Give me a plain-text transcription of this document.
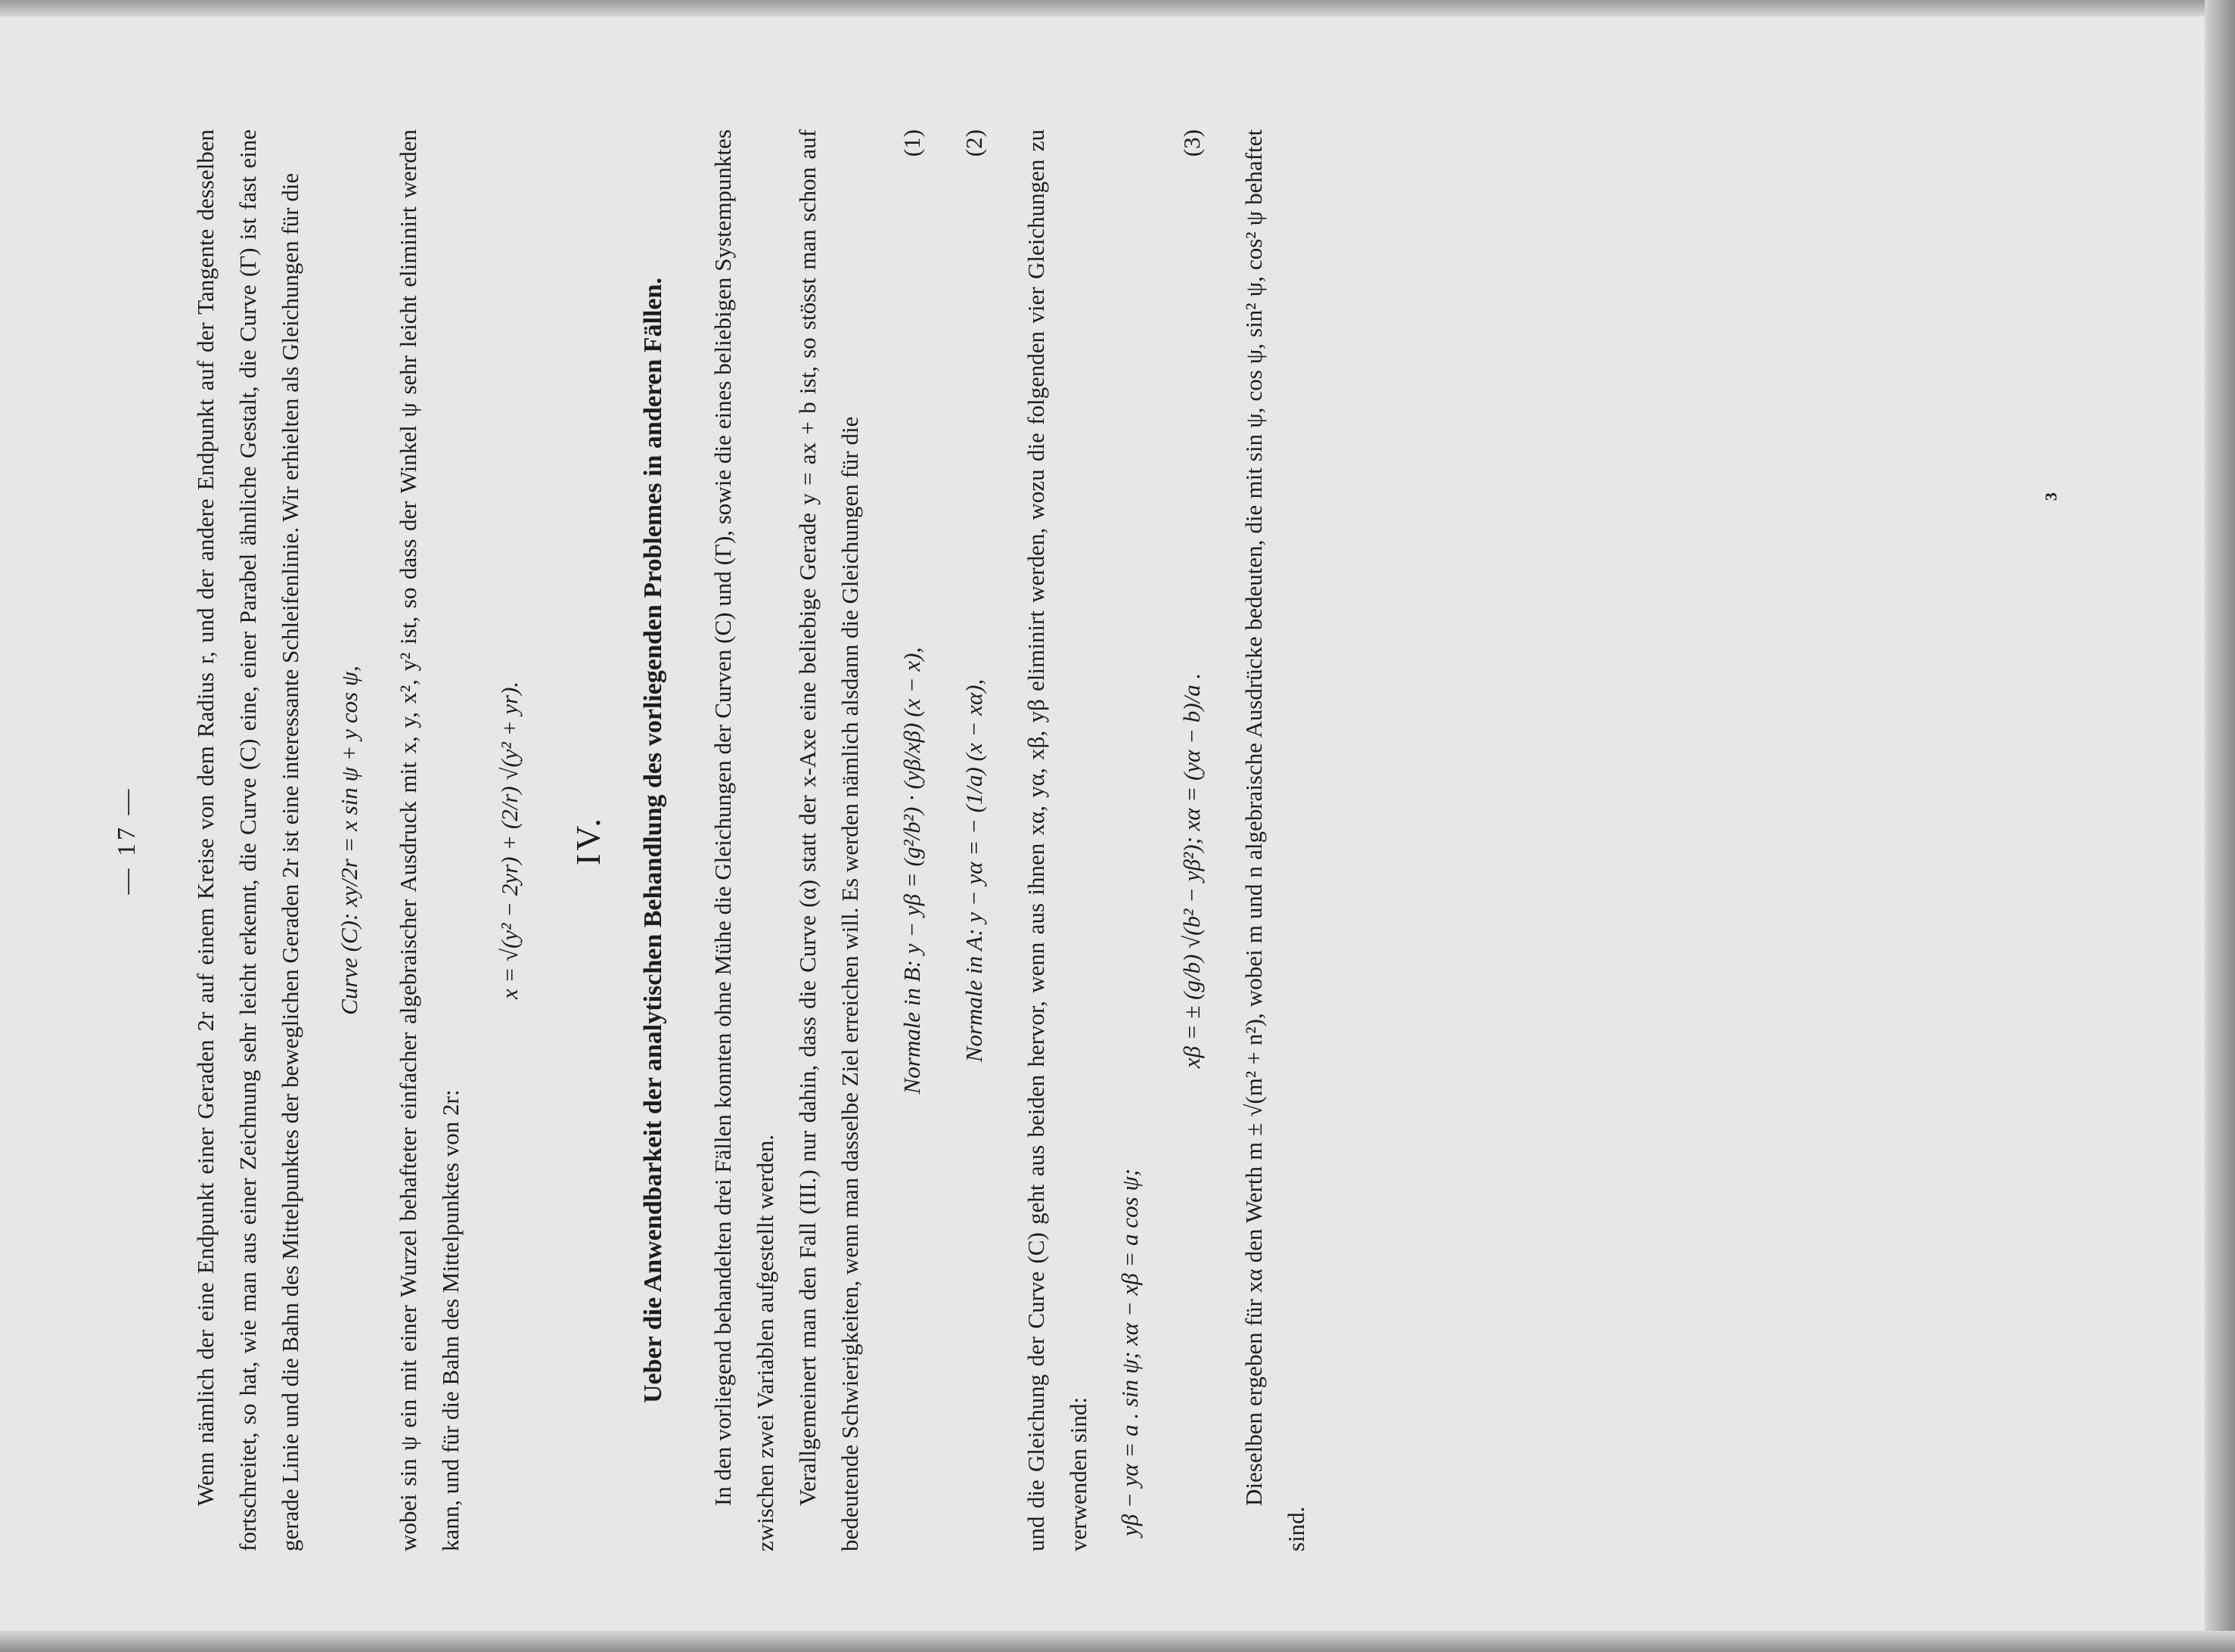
— 17 —	Wenn nämlich der eine Endpunkt einer Geraden 2r auf einem Kreise von dem Radius r, und der andere Endpunkt auf der Tangente desselben fortschreitet, so hat, wie man aus einer Zeichnung sehr leicht erkennt, die Curve (C) eine, einer Parabel ähnliche Gestalt, die Curve (Γ) ist fast eine gerade Linie und die Bahn des Mittelpunktes der beweglichen Geraden 2r ist eine interessante Schleifenlinie. Wir erhielten als Gleichungen für die	Curve (C): xy/2r = x sin ψ + y cos ψ,	wobei sin ψ ein mit einer Wurzel behafteter einfacher algebraischer Ausdruck mit x, y, x², y² ist, so dass der Winkel ψ sehr leicht eliminirt werden kann, und für die Bahn des Mittelpunktes von 2r:

x = √(y² − 2yr) + (2/r) √(y² + yr). IV. Ueber die Anwendbarkeit der analytischen Behandlung des vorliegenden Problemes in anderen Fällen.	In den vorliegend behandelten drei Fällen konnten ohne Mühe die Gleichungen der Curven (C) und (Γ), sowie die eines beliebigen Systempunktes zwischen zwei Variablen aufgestellt werden. Verallgemeinert man den Fall (III.) nur dahin, dass die Curve (α) statt der x-Axe eine beliebige Gerade y = ax + b ist, so stösst man schon auf bedeutende Schwierigkeiten, wenn man dasselbe Ziel erreichen will. Es werden nämlich alsdann die Gleichungen für die	Normale in B: y − yβ = (g²/b²) · (yβ/xβ) (x − x),
(1)
Normale in A: y − yα = − (1/a) (x − xα),
(2)	und die Gleichung der Curve (C) geht aus beiden hervor, wenn aus ihnen xα, yα, xβ, yβ eliminirt werden, wozu die folgenden vier Gleichungen zu verwenden sind:	yβ − yα = a . sin ψ; xα − xβ = a cos ψ;
xβ = ± (g/b) √(b² − yβ²); xα = (yα − b)/a .
(3)	Dieselben ergeben für xα den Werth m ± √(m² + n²), wobei m und n algebraische Ausdrücke bedeuten, die mit sin ψ, cos ψ, sin² ψ, cos² ψ behaftet sind.

3
